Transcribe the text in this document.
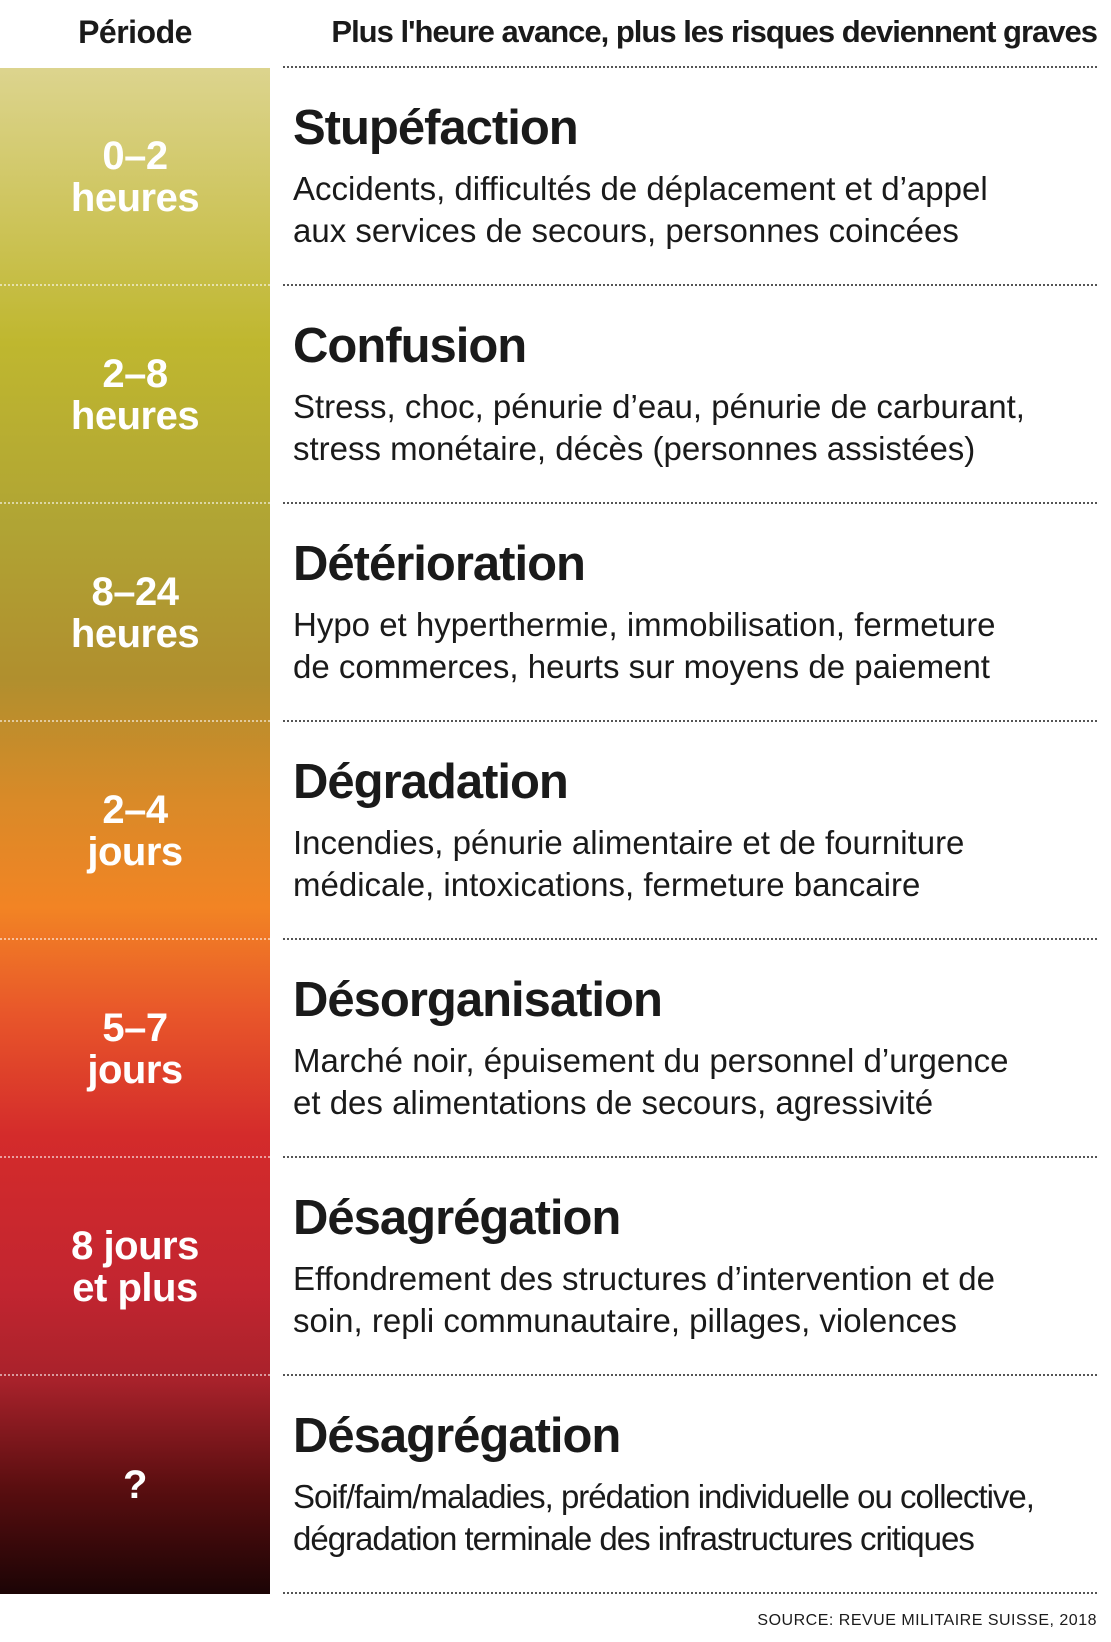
Période	Plus l'heure avance, plus les risques deviennent graves
0–2
heures
Stupéfaction
Accidents, difficultés de déplacement et d’appel
aux services de secours, personnes coincées
2–8
heures
Confusion
Stress, choc, pénurie d’eau, pénurie de carburant,
stress monétaire, décès (personnes assistées)
8–24
heures
Détérioration
Hypo et hyperthermie, immobilisation, fermeture
de commerces, heurts sur moyens de paiement
2–4
jours
Dégradation
Incendies, pénurie alimentaire et de fourniture
médicale, intoxications, fermeture bancaire
5–7
jours
Désorganisation
Marché noir, épuisement du personnel d’urgence
et des alimentations de secours, agressivité
8 jours
et plus
Désagrégation
Effondrement des structures d’intervention et de
soin, repli communautaire, pillages, violences
?
Désagrégation
Soif/faim/maladies, prédation individuelle ou collective,
dégradation terminale des infrastructures critiques
SOURCE: REVUE MILITAIRE SUISSE, 2018
